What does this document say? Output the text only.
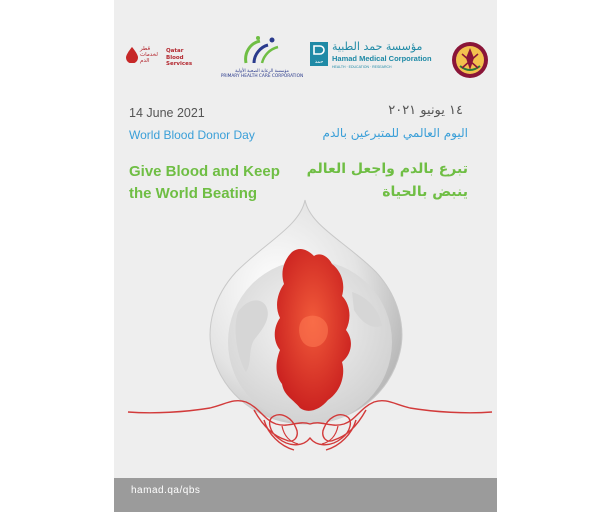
قطر
لخدمات
الدم
Qatar
Blood
Services
مؤسسة الرعاية الصحية الأولية
PRIMARY HEALTH CARE CORPORATION
حمد
مؤسسة حمد الطبية
Hamad Medical Corporation
HEALTH · EDUCATION · RESEARCH
14 June 2021
World Blood Donor Day
Give Blood and Keep the World Beating
١٤ يونيو ٢٠٢١
اليوم العالمي للمتبرعين بالدم
تبرع بالدم واجعل العالم ينبض بالحياة
hamad.qa/qbs
